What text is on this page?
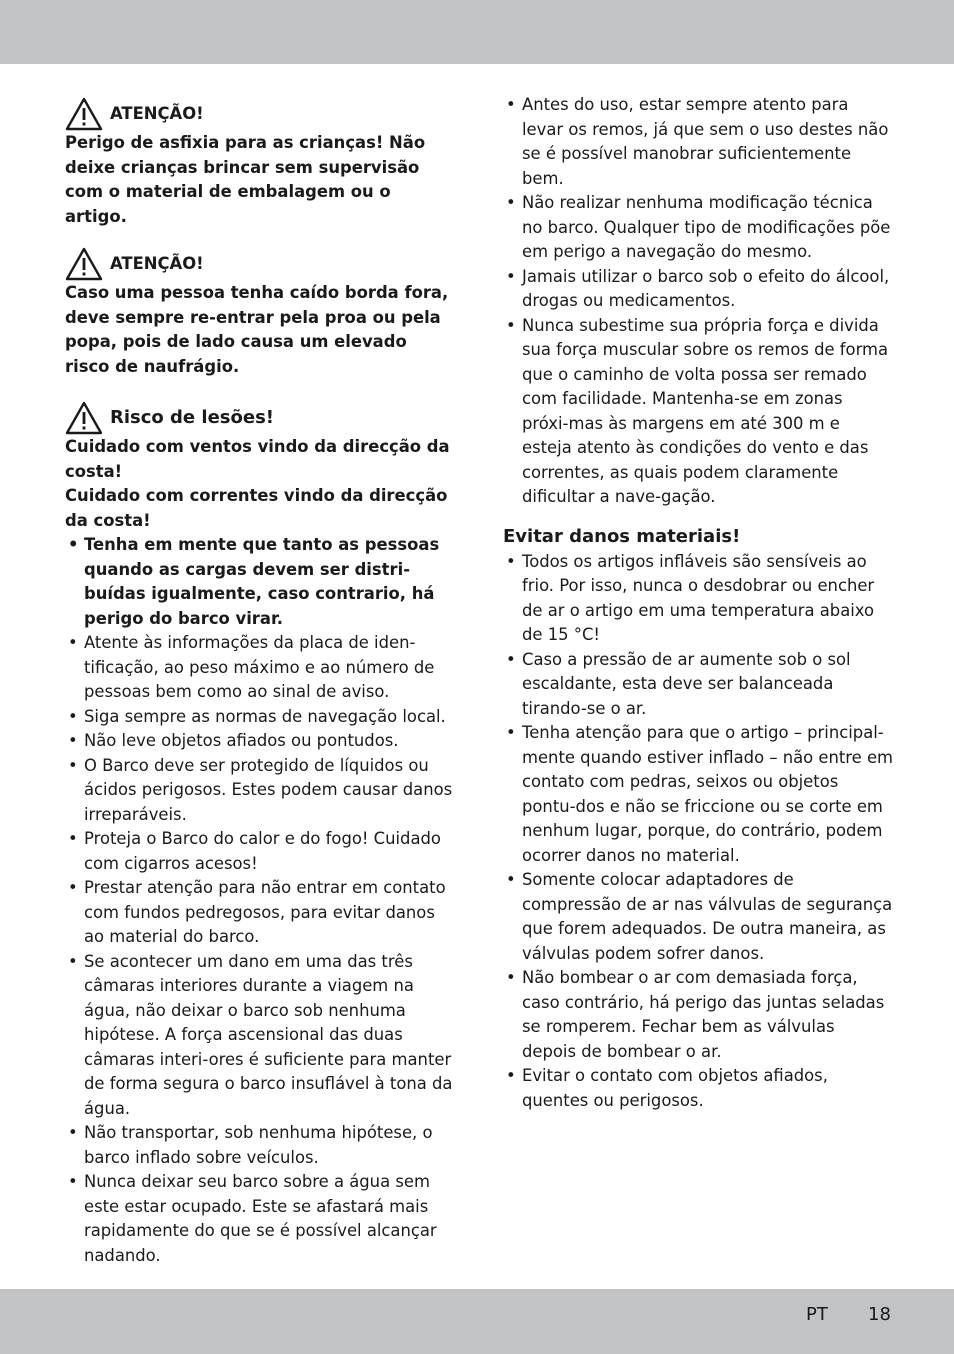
ATENÇÃO!
Perigo de asfixia para as crianças! Não deixe crianças brincar sem supervisão com o material de embalagem ou o artigo.
ATENÇÃO!
Caso uma pessoa tenha caído borda fora, deve sempre re-entrar pela proa ou pela popa, pois de lado causa um elevado risco de naufrágio.
Risco de lesões!
Cuidado com ventos vindo da direcção da costa!
Cuidado com correntes vindo da direcção da costa!
• Tenha em mente que tanto as pessoas quando as cargas devem ser distri-buídas igualmente, caso contrario, há perigo do barco virar.
• Atente às informações da placa de iden-tificação, ao peso máximo e ao número de pessoas bem como ao sinal de aviso.
• Siga sempre as normas de navegação local.
• Não leve objetos afiados ou pontudos.
• O Barco deve ser protegido de líquidos ou ácidos perigosos. Estes podem causar danos irreparáveis.
• Proteja o Barco do calor e do fogo! Cuidado com cigarros acesos!
• Prestar atenção para não entrar em contato com fundos pedregosos, para evitar danos ao material do barco.
• Se acontecer um dano em uma das três câmaras interiores durante a viagem na água, não deixar o barco sob nenhuma hipótese. A força ascensional das duas câmaras interi-ores é suficiente para manter de forma segura o barco insuflável à tona da água.
• Não transportar, sob nenhuma hipótese, o barco inflado sobre veículos.
• Nunca deixar seu barco sobre a água sem este estar ocupado. Este se afastará mais rapidamente do que se é possível alcançar nadando.
• Antes do uso, estar sempre atento para levar os remos, já que sem o uso destes não se é possível manobrar suficientemente bem.
• Não realizar nenhuma modificação técnica no barco. Qualquer tipo de modificações põe em perigo a navegação do mesmo.
• Jamais utilizar o barco sob o efeito do álcool, drogas ou medicamentos.
• Nunca subestime sua própria força e divida sua força muscular sobre os remos de forma que o caminho de volta possa ser remado com facilidade. Mantenha-se em zonas próxi-mas às margens em até 300 m e esteja atento às condições do vento e das correntes, as quais podem claramente dificultar a nave-gação.
Evitar danos materiais!
• Todos os artigos infláveis são sensíveis ao frio. Por isso, nunca o desdobrar ou encher de ar o artigo em uma temperatura abaixo de 15 °C!
• Caso a pressão de ar aumente sob o sol escaldante, esta deve ser balanceada tirando-se o ar.
• Tenha atenção para que o artigo – principal-mente quando estiver inflado – não entre em contato com pedras, seixos ou objetos pontu-dos e não se friccione ou se corte em nenhum lugar, porque, do contrário, podem ocorrer danos no material.
• Somente colocar adaptadores de compressão de ar nas válvulas de segurança que forem adequados. De outra maneira, as válvulas podem sofrer danos.
• Não bombear o ar com demasiada força, caso contrário, há perigo das juntas seladas se romperem. Fechar bem as válvulas depois de bombear o ar.
• Evitar o contato com objetos afiados, quentes ou perigosos.
PT 18
